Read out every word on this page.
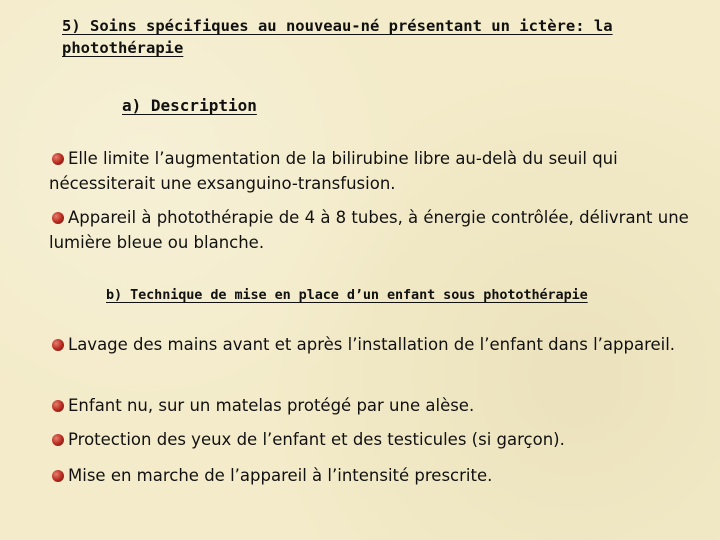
5) Soins spécifiques au nouveau-né présentant un ictère: la photothérapie
a) Description
Elle limite l’augmentation de la bilirubine libre au-delà du seuil qui nécessiterait une exsanguino-transfusion.
Appareil à photothérapie de 4 à 8 tubes, à énergie contrôlée, délivrant une lumière bleue ou blanche.
b) Technique de mise en place d’un enfant sous photothérapie
Lavage des mains avant et après l’installation de l’enfant dans l’appareil.
Enfant nu, sur un matelas protégé par une alèse.
Protection des yeux de l’enfant et des testicules (si garçon).
Mise en marche de l’appareil à l’intensité prescrite.
